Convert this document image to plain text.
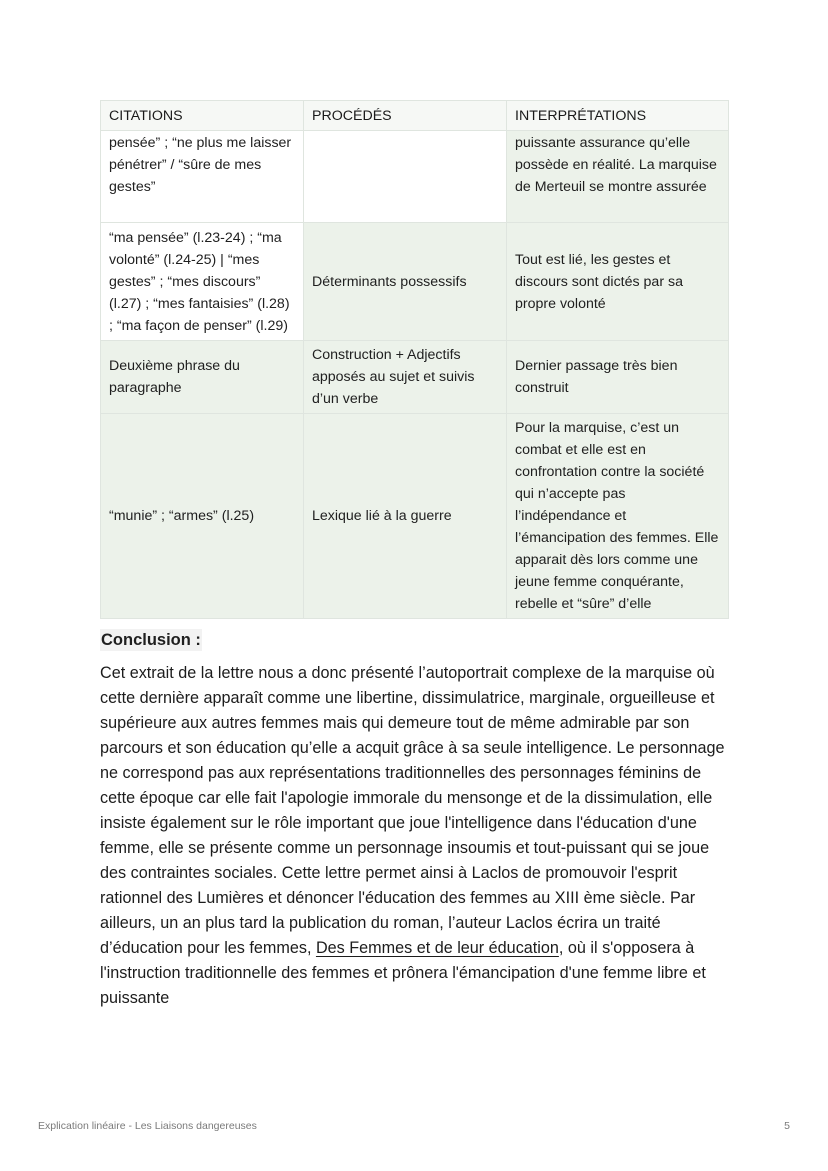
CITATIONS	PROCÉDÉS	INTERPRÉTATIONS
pensée” ; “ne plus me laisser pénétrer” / “sûre de mes gestes”		puissante assurance qu’elle possède en réalité. La marquise de Merteuil se montre assurée
“ma pensée” (l.23-24) ; “ma volonté” (l.24-25) | “mes gestes” ; “mes discours” (l.27) ; “mes fantaisies” (l.28) ; “ma façon de penser” (l.29)	Déterminants possessifs	Tout est lié, les gestes et discours sont dictés par sa propre volonté
Deuxième phrase du paragraphe	Construction + Adjectifs apposés au sujet et suivis d’un verbe	Dernier passage très bien construit
“munie” ; “armes” (l.25)	Lexique lié à la guerre	Pour la marquise, c’est un combat et elle est en confrontation contre la société qui n’accepte pas l’indépendance et l’émancipation des femmes. Elle apparait dès lors comme une jeune femme conquérante, rebelle et “sûre” d’elle
Conclusion :

Cet extrait de la lettre nous a donc présenté l’autoportrait complexe de la marquise où cette dernière apparaît comme une libertine, dissimulatrice, marginale, orgueilleuse et supérieure aux autres femmes mais qui demeure tout de même admirable par son parcours et son éducation qu’elle a acquit grâce à sa seule intelligence. Le personnage ne correspond pas aux représentations traditionnelles des personnages féminins de cette époque car elle fait l'apologie immorale du mensonge et de la dissimulation, elle insiste également sur le rôle important que joue l'intelligence dans l'éducation d'une femme, elle se présente comme un personnage insoumis et tout-puissant qui se joue des contraintes sociales. Cette lettre permet ainsi à Laclos de promouvoir l'esprit rationnel des Lumières et dénoncer l'éducation des femmes au XIII ème siècle. Par ailleurs, un an plus tard la publication du roman, l’auteur Laclos écrira un traité d’éducation pour les femmes, Des Femmes et de leur éducation, où il s'opposera à l'instruction traditionnelle des femmes et prônera l'émancipation d'une femme libre et puissante

Explication linéaire - Les Liaisons dangereuses	5
